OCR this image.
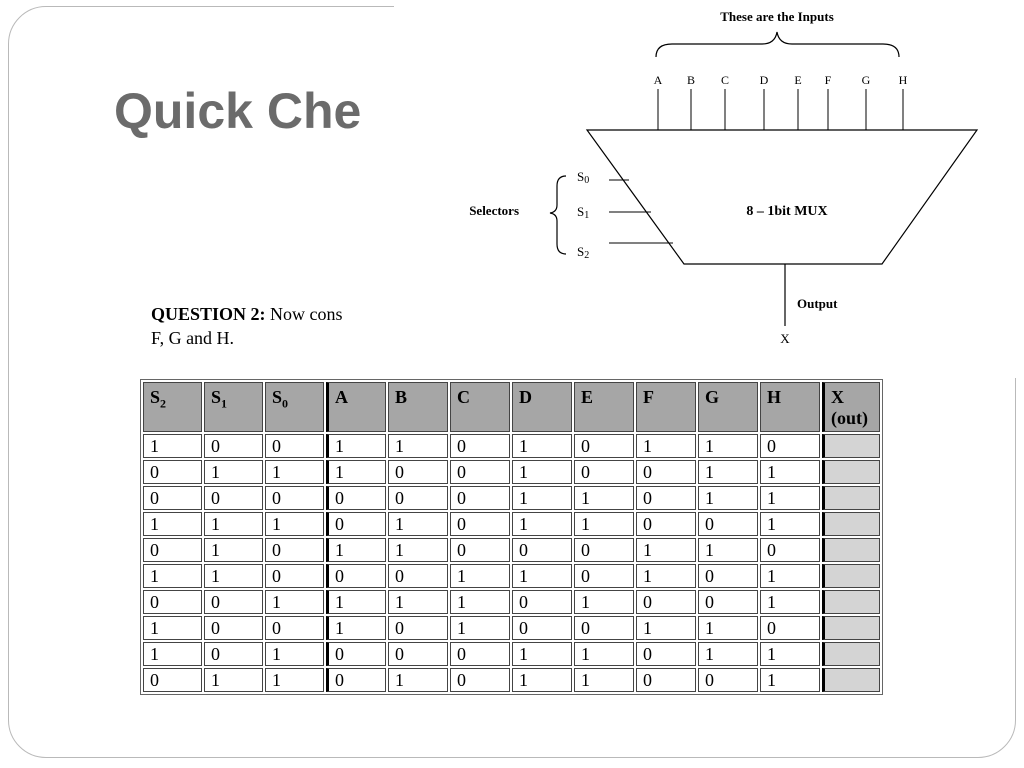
Quick Che
QUESTION 2: Now cons
F, G and H.
These are the Inputs
A B C	D E F	G H
8 – 1bit MUX
Selectors
S0
S1
S2
Output
X
$S_2$	$S_1$	$S_0$	A	B	C	D	E	F	G	H	X
(out)
1	0	0	1	1	0	1	0	1	1	0	
0	1	1	1	0	0	1	0	0	1	1	
0	0	0	0	0	0	1	1	0	1	1	
1	1	1	0	1	0	1	1	0	0	1	
0	1	0	1	1	0	0	0	1	1	0	
1	1	0	0	0	1	1	0	1	0	1	
0	0	1	1	1	1	0	1	0	0	1	
1	0	0	1	0	1	0	0	1	1	0	
1	0	1	0	0	0	1	1	0	1	1	
0	1	1	0	1	0	1	1	0	0	1	
